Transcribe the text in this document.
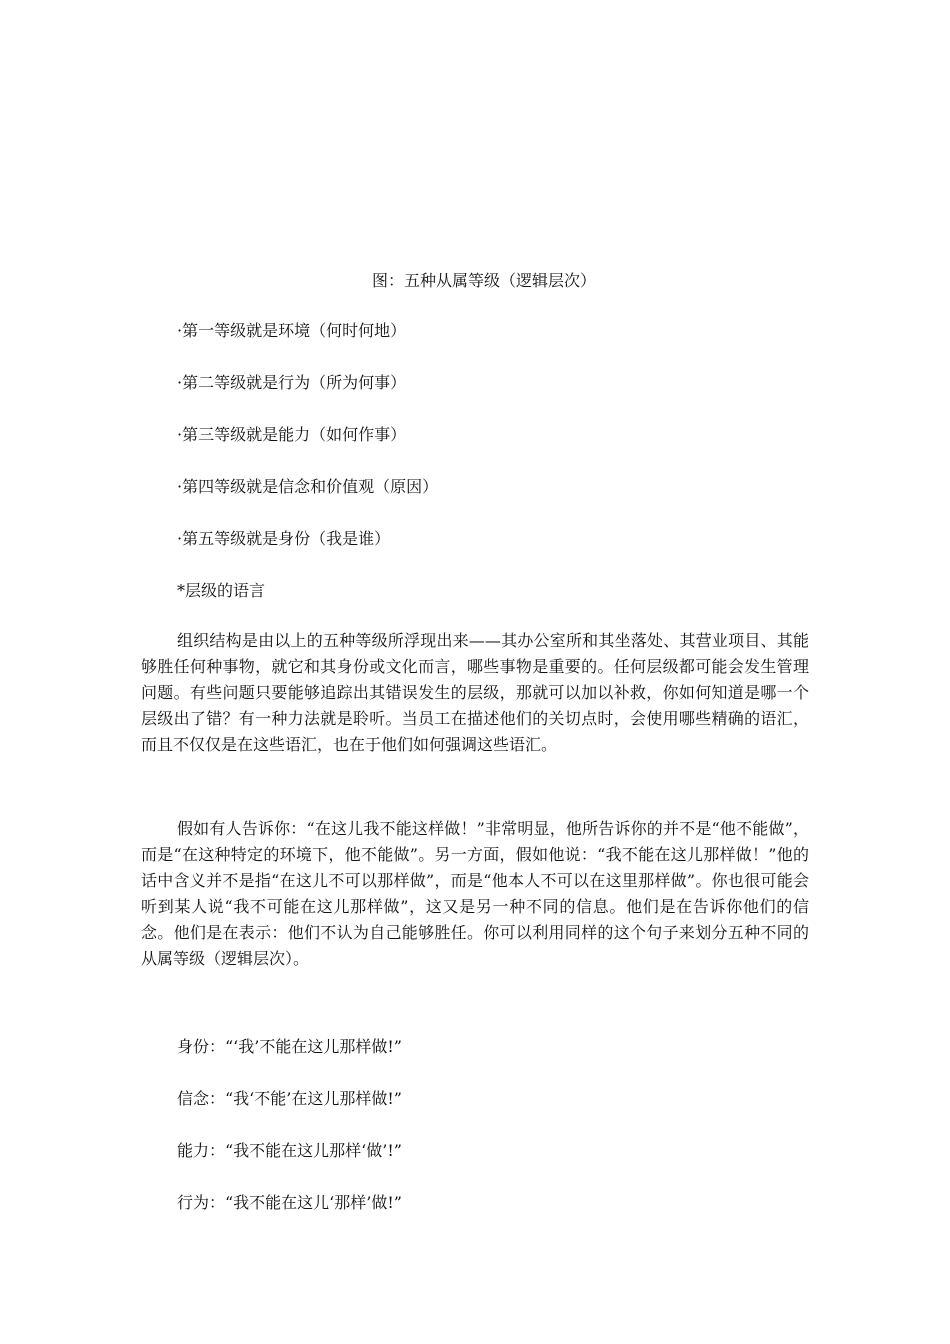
图：五种从属等级（逻辑层次）
·第一等级就是环境（何时何地）
·第二等级就是行为（所为何事）
·第三等级就是能力（如何作事）
·第四等级就是信念和价值观（原因）
·第五等级就是身份（我是谁）
*层级的语言

组织结构是由以上的五种等级所浮现出来——其办公室所和其坐落处、其营业项目、其能够胜任何种事物，就它和其身份或文化而言，哪些事物是重要的。任何层级都可能会发生管理问题。有些问题只要能够追踪出其错误发生的层级，那就可以加以补救，你如何知道是哪一个层级出了错？有一种力法就是聆听。当员工在描述他们的关切点时，会使用哪些精确的语汇，而且不仅仅是在这些语汇，也在于他们如何强调这些语汇。

假如有人告诉你：“在这儿我不能这样做！”非常明显，他所告诉你的并不是“他不能做”，而是“在这种特定的环境下，他不能做”。另一方面，假如他说：“我不能在这儿那样做！”他的话中含义并不是指“在这儿不可以那样做”，而是“他本人不可以在这里那样做”。你也很可能会听到某人说“我不可能在这儿那样做”，这又是另一种不同的信息。他们是在告诉你他们的信念。他们是在表示：他们不认为自己能够胜任。你可以利用同样的这个句子来划分五种不同的从属等级（逻辑层次）。

身份：“‘我’不能在这儿那样做!”
信念：“我‘不能’在这儿那样做!”
能力：“我不能在这儿那样‘做’!”
行为：“我不能在这儿‘那样’做!”
